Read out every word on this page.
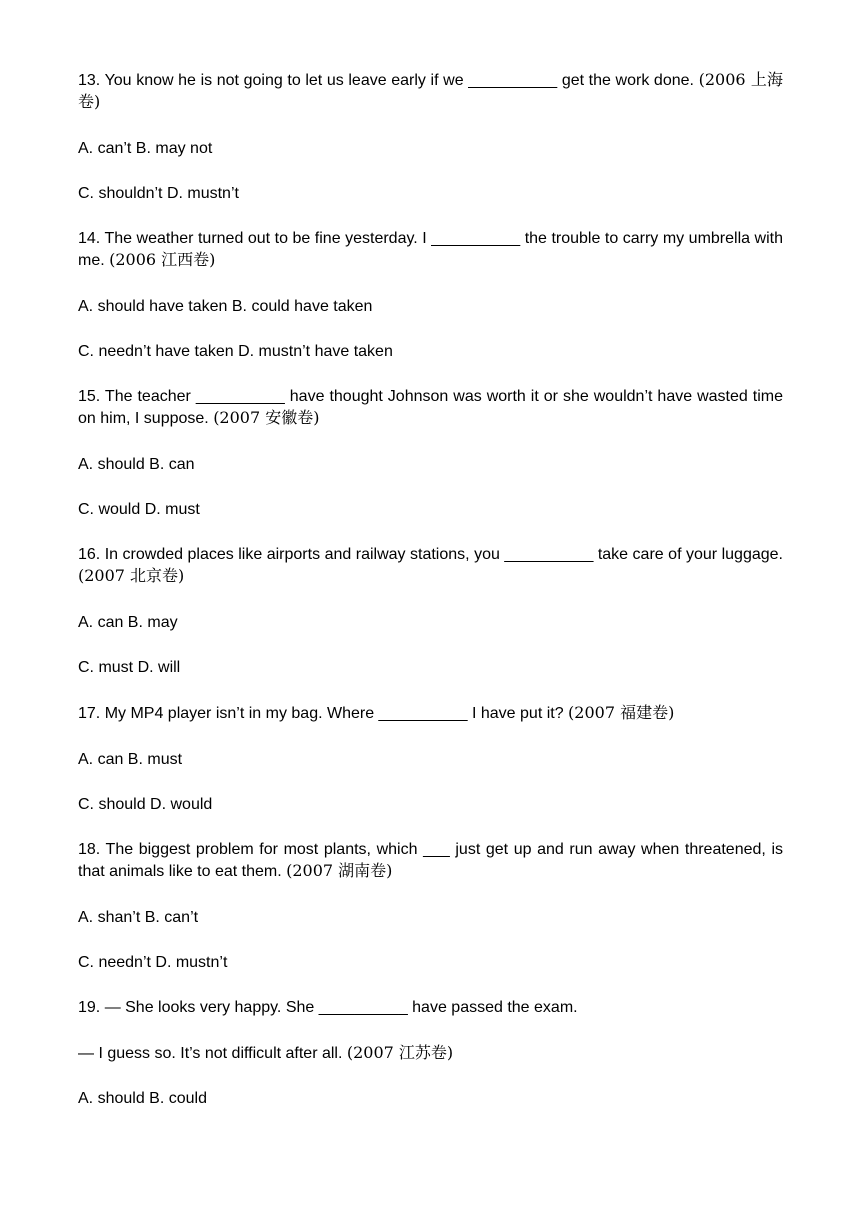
13. You know he is not going to let us leave early if we __________ get the work done. (2006 上海卷)

A. can’t B. may not

C. shouldn’t D. mustn’t

14. The weather turned out to be fine yesterday. I __________ the trouble to carry my umbrella with me. (2006 江西卷)

A. should have taken B. could have taken

C. needn’t have taken D. mustn’t have taken

15. The teacher __________ have thought Johnson was worth it or she wouldn’t have wasted time on him, I suppose. (2007 安徽卷)

A. should B. can

C. would D. must

16. In crowded places like airports and railway stations, you __________ take care of your luggage. (2007 北京卷)

A. can B. may

C. must D. will

17. My MP4 player isn’t in my bag. Where __________ I have put it? (2007 福建卷)

A. can B. must

C. should D. would

18. The biggest problem for most plants, which ___ just get up and run away when threatened, is that animals like to eat them. (2007 湖南卷)

A. shan’t B. can’t

C. needn’t D. mustn’t

19. — She looks very happy. She __________ have passed the exam.

— I guess so. It’s not difficult after all. (2007 江苏卷)

A. should B. could
